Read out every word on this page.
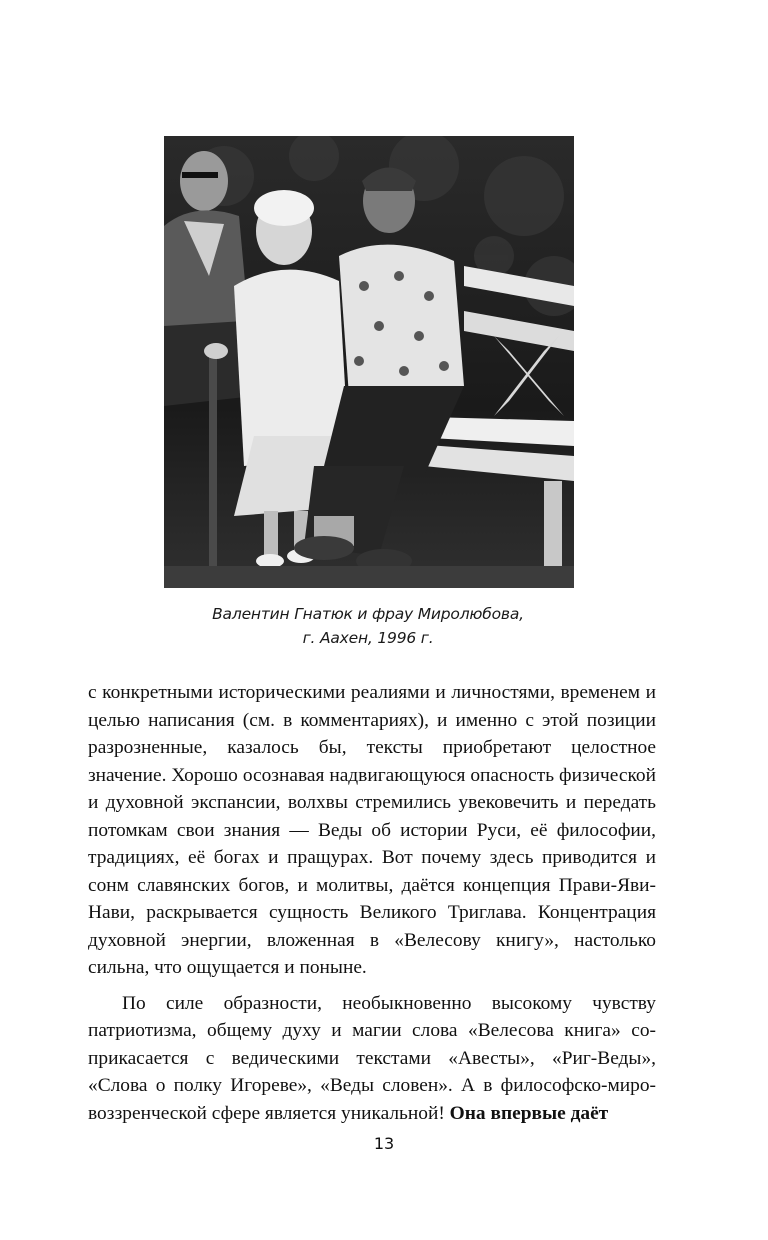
Валентин Гнатюк и фрау Миролюбова,
г. Аахен, 1996 г.

с конкретными историческими реалиями и личностями, временем и целью написания (см. в комментариях), и именно с этой позиции разрозненные, казалось бы, тексты приобретают целостное значение. Хорошо осознавая надвигающуюся опасность физической и духовной экспансии, волхвы стремились увековечить и передать потомкам свои знания — Веды об истории Руси, её философии, традициях, её богах и пращурах. Вот почему здесь приводится и сонм славянских богов, и молитвы, даётся концепция Прави-Яви-Нави, раскрывается сущность Великого Триглава. Концентрация духовной энергии, вложенная в «Велесову книгу», настолько сильна, что ощущается и поныне.

По силе образности, необыкновенно высокому чувству патриотизма, общему духу и магии слова «Велесова книга» соприкасается с ведическими текстами «Авесты», «Риг-Веды», «Слова о полку Игореве», «Веды словен». А в философско-мировоззренческой сфере является уникальной! Она впервые даёт

13
